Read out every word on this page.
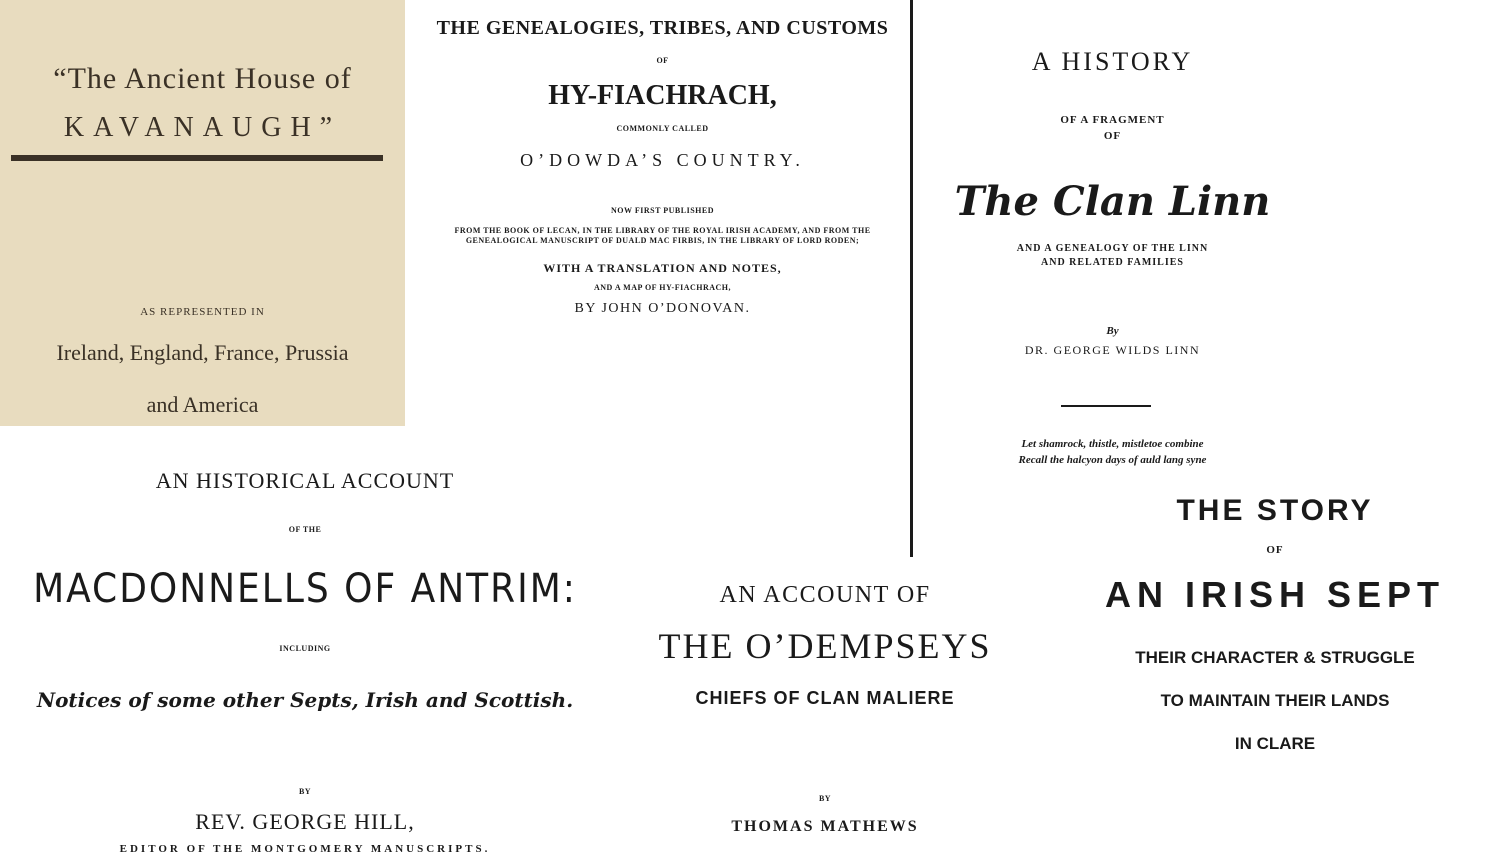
“The Ancient House of
KAVANAUGH”
AS REPRESENTED IN
Ireland, England, France, Prussia
and America
THE GENEALOGIES, TRIBES, AND CUSTOMS
OF
HY-FIACHRACH,
COMMONLY CALLED
O’DOWDA’S COUNTRY.
NOW FIRST PUBLISHED
FROM THE BOOK OF LECAN, IN THE LIBRARY OF THE ROYAL IRISH ACADEMY, AND FROM THE
GENEALOGICAL MANUSCRIPT OF DUALD MAC FIRBIS, IN THE LIBRARY OF LORD RODEN;
WITH A TRANSLATION AND NOTES,
AND A MAP OF HY-FIACHRACH,
BY JOHN O’DONOVAN.
A HISTORY
OF A FRAGMENT
OF
The Clan Linn
AND A GENEALOGY OF THE LINN
AND RELATED FAMILIES
By
DR. GEORGE WILDS LINN
Let shamrock, thistle, mistletoe combine
Recall the halcyon days of auld lang syne
AN HISTORICAL ACCOUNT
OF THE
MACDONNELLS OF ANTRIM:
INCLUDING
Notices of some other Septs, Irish and Scottish.
BY
REV. GEORGE HILL,
EDITOR OF THE MONTGOMERY MANUSCRIPTS.
AN ACCOUNT OF
THE O’DEMPSEYS
CHIEFS OF CLAN MALIERE
BY
THOMAS MATHEWS
THE STORY
OF
AN IRISH SEPT
THEIR CHARACTER & STRUGGLE
TO MAINTAIN THEIR LANDS
IN CLARE
